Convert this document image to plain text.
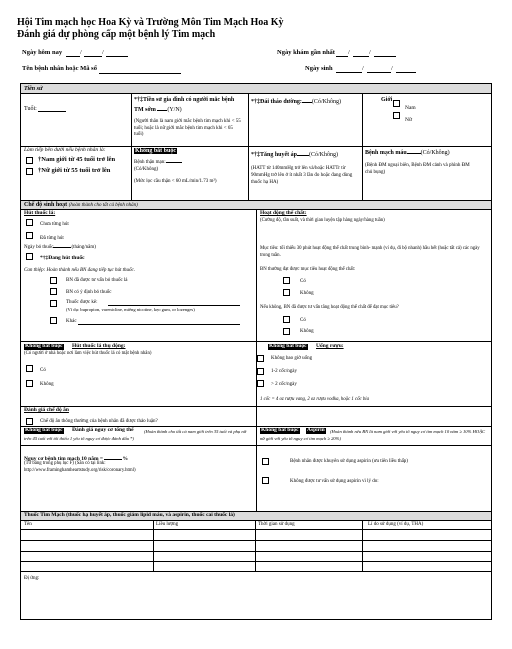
Hội Tim mạch học Hoa Kỳ và Trường Môn Tim Mạch Hoa Kỳ
Đánh giá dự phòng cấp một bệnh lý Tim mạch
Ngày hôm nay	/	/	Ngày khám gần nhất /	/
Tên bệnh nhân hoặc Mã số	Ngày sinh	/	/
Tiền sử
Tuổi:
*†‡Tiền sử gia đình có người mắc bệnh TM sớm (Y/N)
(Người thân là nam giới mắc bệnh tim mạch khi < 55 tuổi; hoặc là nữ giới mắc bệnh tim mạch khi < 65 tuổi)
*†‡Đái tháo đường: (Có/Không)	Giới
Nam
Nữ
Làm tiếp bên dưới nếu bệnh nhân là:
†Nam giới từ 45 tuổi trở lên
†Nữ giới từ 55 tuổi trở lên
Không bắt buộc
Bệnh thận mạn:
(Có/Không)
(Mức lọc cầu thận < 60 mL/min/1.73 m²)
*†‡Tăng huyết áp (Có/Không)
(HATT từ 140mmHg trở lên và/hoặc HATTr từ 90mmHg trở lên ở ít nhất 3 lần đo hoặc đang dùng thuốc hạ HA)
Bệnh mạch máu (Có/Không)
(Bệnh ĐM ngoại biên, Bệnh ĐM cảnh và phình ĐM chủ bụng)
Chế độ sinh hoạt (hoàn thành cho tất cả bệnh nhân)
Hút thuốc lá:
Chưa từng hút
Đã từng hút
Ngày bỏ thuốc	(tháng/năm)
*†‡Đang hút thuốc
Can thiệp: Hoàn thành nếu BN đang tiếp tục hút thuốc.
BN đã được tư vấn bỏ thuốc lá
BN có ý định bỏ thuốc
Thuốc được kê:
(Ví dụ: bupropion, varenicline, miếng nicotine, kẹo gum, or lozenges)
Khác
Hoạt động thể chất:
(Cường độ, tần suất, và thời gian luyện tập hàng ngày/hàng tuần)
Mục tiêu: tối thiểu 30 phút hoạt động thể chất trung bình- mạnh (ví dụ, đi bộ nhanh) hầu hết (hoặc tất cả) các ngày trong tuần.
BN thường đạt được mục tiêu hoạt động thể chất:
Có
Không
Nếu không, BN đã được tư vấn tăng hoạt động thể chất để đạt mục tiêu?
Có
Không
Không bắt buộc Hút thuốc lá thụ động:
(Có người ở nhà hoặc nơi làm việc hút thuốc lá có mặt bệnh nhân)
Có
Không
Không bắt buộc Uống rượu:
Không bao giờ uống
1-2 cốc/ngày
> 2 cốc/ngày
1 cốc = 4 oz rượu vang, 2 oz rượu vodka, hoặc 1 cốc bia
Đánh giá chế độ ăn
Chế độ ăn thông thường của bệnh nhân đã được thảo luận?
Không bắt buộc Đánh giá nguy cơ tổng thể	(Hoàn thành cho tất cả nam giới trên 35 tuổi và phụ nữ trên 45 tuổi với tối thiểu 1 yếu tố nguy cơ được đánh dấu *)
Nguy cơ bệnh tim mạch 10 năm =	%
(Từ bảng trong phụ lục F) (Sẵn có tại link:
http://www.framinghamheartstudy.org/risk/coronary.html)
Không bắt buộc Aspirin	(Hoàn thành nếu BN là nam giới với yếu tố nguy cơ tim mạch 10 năm ≥ 10% HOẶC nữ giới với yếu tố nguy cơ tim mạch ≥ 20%)
Bệnh nhân được khuyên sử dụng aspirin (ưu tiên liều thấp)
Không được tư vấn sử dụng aspirin vì lý do:
Thuốc Tim Mạch (thuốc hạ huyết áp, thuốc giảm lipid máu, và aspirin, thuốc cai thuốc lá)
Tên	Liều lượng	Thời gian sử dụng	Lí do sử dụng (ví dụ, THA)
Đị ứng:
